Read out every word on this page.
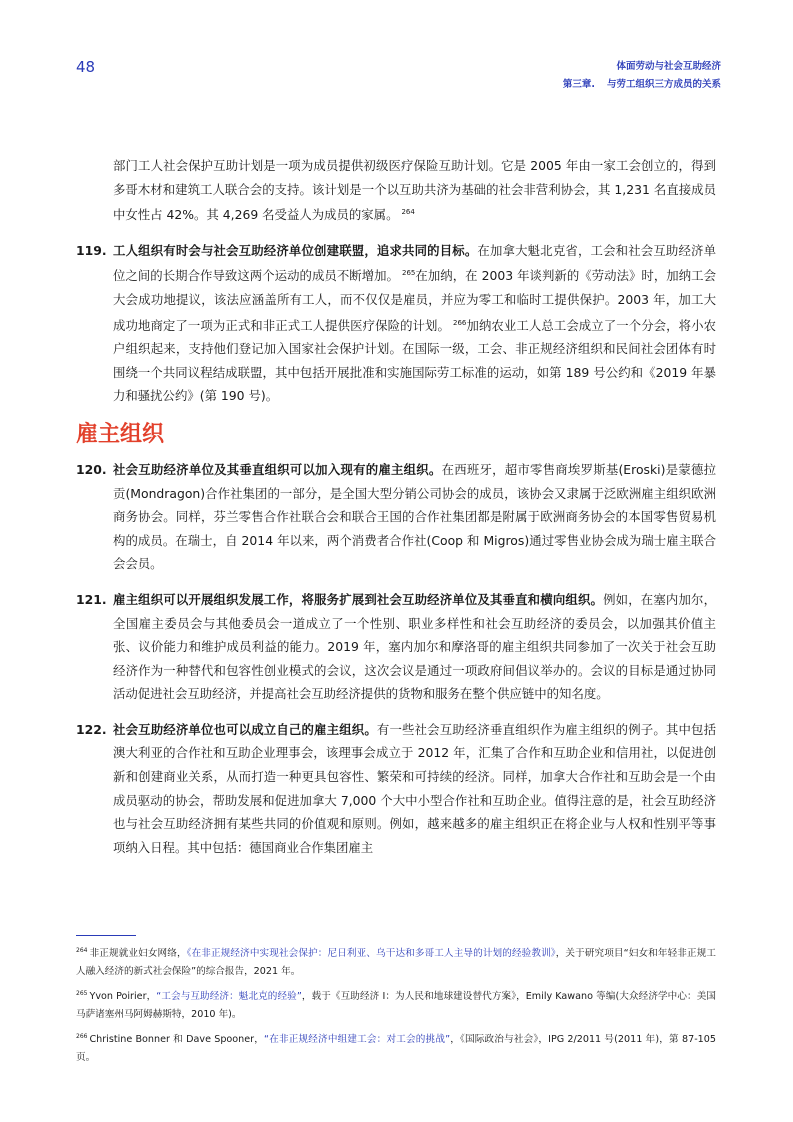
48	体面劳动与社会互助经济
第三章. 与劳工组织三方成员的关系

部门工人社会保护互助计划是一项为成员提供初级医疗保险互助计划。它是 2005 年由一家工会创立的，得到多哥木材和建筑工人联合会的支持。该计划是一个以互助共济为基础的社会非营利协会，其 1,231 名直接成员中女性占 42%。其 4,269 名受益人为成员的家属。 $^{264}$

119. 工人组织有时会与社会互助经济单位创建联盟，追求共同的目标。在加拿大魁北克省，工会和社会互助经济单位之间的长期合作导致这两个运动的成员不断增加。 $^{265}$在加纳，在 2003 年谈判新的《劳动法》时，加纳工会大会成功地提议，该法应涵盖所有工人，而不仅仅是雇员，并应为零工和临时工提供保护。2003 年，加工大成功地商定了一项为正式和非正式工人提供医疗保险的计划。 $^{266}$加纳农业工人总工会成立了一个分会，将小农户组织起来，支持他们登记加入国家社会保护计划。在国际一级，工会、非正规经济组织和民间社会团体有时围绕一个共同议程结成联盟，其中包括开展批准和实施国际劳工标准的运动，如第 189 号公约和《2019 年暴力和骚扰公约》(第 190 号)。

雇主组织

120. 社会互助经济单位及其垂直组织可以加入现有的雇主组织。在西班牙，超市零售商埃罗斯基(Eroski)是蒙德拉贡(Mondragon)合作社集团的一部分，是全国大型分销公司协会的成员，该协会又隶属于泛欧洲雇主组织欧洲商务协会。同样，芬兰零售合作社联合会和联合王国的合作社集团都是附属于欧洲商务协会的本国零售贸易机构的成员。在瑞士，自 2014 年以来，两个消费者合作社(Coop 和 Migros)通过零售业协会成为瑞士雇主联合会会员。

121. 雇主组织可以开展组织发展工作，将服务扩展到社会互助经济单位及其垂直和横向组织。例如，在塞内加尔，全国雇主委员会与其他委员会一道成立了一个性别、职业多样性和社会互助经济的委员会，以加强其价值主张、议价能力和维护成员利益的能力。2019 年，塞内加尔和摩洛哥的雇主组织共同参加了一次关于社会互助经济作为一种替代和包容性创业模式的会议，这次会议是通过一项政府间倡议举办的。会议的目标是通过协同活动促进社会互助经济，并提高社会互助经济提供的货物和服务在整个供应链中的知名度。

122. 社会互助经济单位也可以成立自己的雇主组织。有一些社会互助经济垂直组织作为雇主组织的例子。其中包括澳大利亚的合作社和互助企业理事会，该理事会成立于 2012 年，汇集了合作和互助企业和信用社，以促进创新和创建商业关系，从而打造一种更具包容性、繁荣和可持续的经济。同样，加拿大合作社和互助会是一个由成员驱动的协会，帮助发展和促进加拿大 7,000 个大中小型合作社和互助企业。值得注意的是，社会互助经济也与社会互助经济拥有某些共同的价值观和原则。例如，越来越多的雇主组织正在将企业与人权和性别平等事项纳入日程。其中包括：德国商业合作集团雇主

$^{264}$ 非正规就业妇女网络，《在非正规经济中实现社会保护：尼日利亚、乌干达和多哥工人主导的计划的经验教训》，关于研究项目“妇女和年轻非正规工人融入经济的新式社会保险”的综合报告，2021 年。

$^{265}$ Yvon Poirier，“工会与互助经济：魁北克的经验”，载于《互助经济 I：为人民和地球建设替代方案》，Emily Kawano 等编(大众经济学中心：美国马萨诸塞州马阿姆赫斯特，2010 年)。

$^{266}$ Christine Bonner 和 Dave Spooner，“在非正规经济中组建工会：对工会的挑战”，《国际政治与社会》，IPG 2/2011 号(2011 年)，第 87-105 页。
